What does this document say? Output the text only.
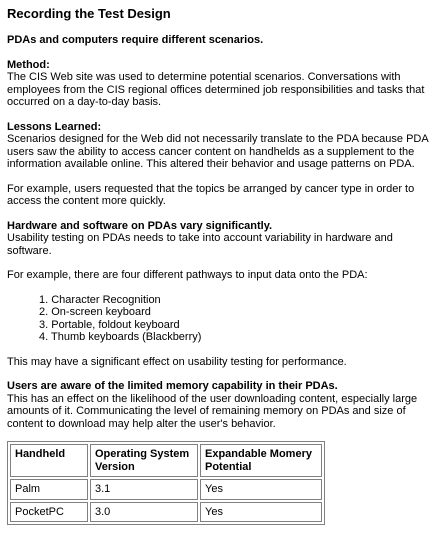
Recording the Test Design

PDAs and computers require different scenarios.

Method:

The CIS Web site was used to determine potential scenarios. Conversations with employees from the CIS regional offices determined job responsibilities and tasks that occurred on a day-to-day basis.

Lessons Learned:

Scenarios designed for the Web did not necessarily translate to the PDA because PDA users saw the ability to access cancer content on handhelds as a supplement to the information available online. This altered their behavior and usage patterns on PDA.

For example, users requested that the topics be arranged by cancer type in order to access the content more quickly.

Hardware and software on PDAs vary significantly.

Usability testing on PDAs needs to take into account variability in hardware and software.

For example, there are four different pathways to input data onto the PDA:

1. Character Recognition
2. On-screen keyboard
3. Portable, foldout keyboard
4. Thumb keyboards (Blackberry)

This may have a significant effect on usability testing for performance.

Users are aware of the limited memory capability in their PDAs.

This has an effect on the likelihood of the user downloading content, especially large amounts of it. Communicating the level of remaining memory on PDAs and size of content to download may help alter the user's behavior.

Handheld	Operating System Version	Expandable Momery Potential
Palm	3.1	Yes
PocketPC	3.0	Yes
